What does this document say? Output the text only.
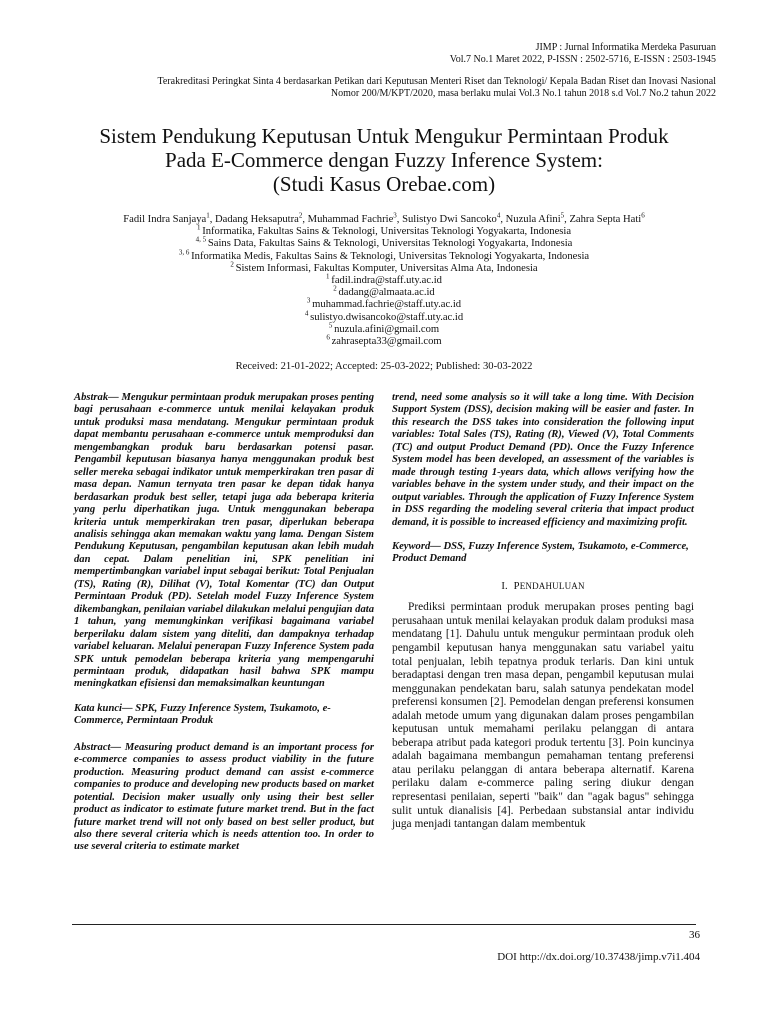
JIMP : Jurnal Informatika Merdeka Pasuruan
Vol.7 No.1 Maret 2022, P-ISSN : 2502-5716, E-ISSN : 2503-1945
Terakreditasi Peringkat Sinta 4 berdasarkan Petikan dari Keputusan Menteri Riset dan Teknologi/ Kepala Badan Riset dan Inovasi Nasional
Nomor 200/M/KPT/2020, masa berlaku mulai Vol.3 No.1 tahun 2018 s.d Vol.7 No.2 tahun 2022
Sistem Pendukung Keputusan Untuk Mengukur Permintaan Produk
Pada E-Commerce dengan Fuzzy Inference System:
(Studi Kasus Orebae.com)
Fadil Indra Sanjaya$^1$, Dadang Heksaputra$^2$, Muhammad Fachrie$^3$, Sulistyo Dwi Sancoko$^4$, Nuzula Afini$^5$, Zahra Septa Hati$^6$
$^1$ Informatika, Fakultas Sains & Teknologi, Universitas Teknologi Yogyakarta, Indonesia
$^{4, 5}$ Sains Data, Fakultas Sains & Teknologi, Universitas Teknologi Yogyakarta, Indonesia
$^{3, 6}$ Informatika Medis, Fakultas Sains & Teknologi, Universitas Teknologi Yogyakarta, Indonesia
$^2$ Sistem Informasi, Fakultas Komputer, Universitas Alma Ata, Indonesia
$^1$ fadil.indra@staff.uty.ac.id
$^2$ dadang@almaata.ac.id
$^3$ muhammad.fachrie@staff.uty.ac.id
$^4$ sulistyo.dwisancoko@staff.uty.ac.id
$^5$ nuzula.afini@gmail.com
$^6$ zahrasepta33@gmail.com
Received: 21-01-2022; Accepted: 25-03-2022; Published: 30-03-2022

Abstrak— Mengukur permintaan produk merupakan proses penting bagi perusahaan e-commerce untuk menilai kelayakan produk untuk produksi masa mendatang. Mengukur permintaan produk dapat membantu perusahaan e-commerce untuk memproduksi dan mengembangkan produk baru berdasarkan potensi pasar. Pengambil keputusan biasanya hanya menggunakan produk best seller mereka sebagai indikator untuk memperkirakan tren pasar di masa depan. Namun ternyata tren pasar ke depan tidak hanya berdasarkan produk best seller, tetapi juga ada beberapa kriteria yang perlu diperhatikan juga. Untuk menggunakan beberapa kriteria untuk memperkirakan tren pasar, diperlukan beberapa analisis sehingga akan memakan waktu yang lama. Dengan Sistem Pendukung Keputusan, pengambilan keputusan akan lebih mudah dan cepat. Dalam penelitian ini, SPK penelitian ini mempertimbangkan variabel input sebagai berikut: Total Penjualan (TS), Rating (R), Dilihat (V), Total Komentar (TC) dan Output Permintaan Produk (PD). Setelah model Fuzzy Inference System dikembangkan, penilaian variabel dilakukan melalui pengujian data 1 tahun, yang memungkinkan verifikasi bagaimana variabel berperilaku dalam sistem yang diteliti, dan dampaknya terhadap variabel keluaran. Melalui penerapan Fuzzy Inference System pada SPK untuk pemodelan beberapa kriteria yang mempengaruhi permintaan produk, didapatkan hasil bahwa SPK mampu meningkatkan efisiensi dan memaksimalkan keuntungan

Kata kunci— SPK, Fuzzy Inference System, Tsukamoto, e-Commerce, Permintaan Produk

Abstract— Measuring product demand is an important process for e-commerce companies to assess product viability in the future production. Measuring product demand can assist e-commerce companies to produce and developing new products based on market potential. Decision maker usually only using their best seller product as indicator to estimate future market trend. But in the fact future market trend will not only based on best seller product, but also there several criteria which is needs attention too. In order to use several criteria to estimate market

trend, need some analysis so it will take a long time. With Decision Support System (DSS), decision making will be easier and faster. In this research the DSS takes into consideration the following input variables: Total Sales (TS), Rating (R), Viewed (V), Total Comments (TC) and output Product Demand (PD). Once the Fuzzy Inference System model has been developed, an assessment of the variables is made through testing 1-years data, which allows verifying how the variables behave in the system under study, and their impact on the output variables. Through the application of Fuzzy Inference System in DSS regarding the modeling several criteria that impact product demand, it is possible to increased efficiency and maximizing profit.

Keyword— DSS, Fuzzy Inference System, Tsukamoto, e-Commerce, Product Demand

I. PENDAHULUAN

Prediksi permintaan produk merupakan proses penting bagi perusahaan untuk menilai kelayakan produk dalam produksi masa mendatang [1]. Dahulu untuk mengukur permintaan produk oleh pengambil keputusan hanya menggunakan satu variabel yaitu total penjualan, lebih tepatnya produk terlaris. Dan kini untuk beradaptasi dengan tren masa depan, pengambil keputusan mulai menggunakan pendekatan baru, salah satunya pendekatan model preferensi konsumen [2]. Pemodelan dengan preferensi konsumen adalah metode umum yang digunakan dalam proses pengambilan keputusan untuk memahami perilaku pelanggan di antara beberapa atribut pada kategori produk tertentu [3]. Poin kuncinya adalah bagaimana membangun pemahaman tentang preferensi atau perilaku pelanggan di antara beberapa alternatif. Karena perilaku dalam e-commerce paling sering diukur dengan representasi penilaian, seperti "baik" dan "agak bagus" sehingga sulit untuk dianalisis [4]. Perbedaan substansial antar individu juga menjadi tantangan dalam membentuk

36
DOI http://dx.doi.org/10.37438/jimp.v7i1.404
